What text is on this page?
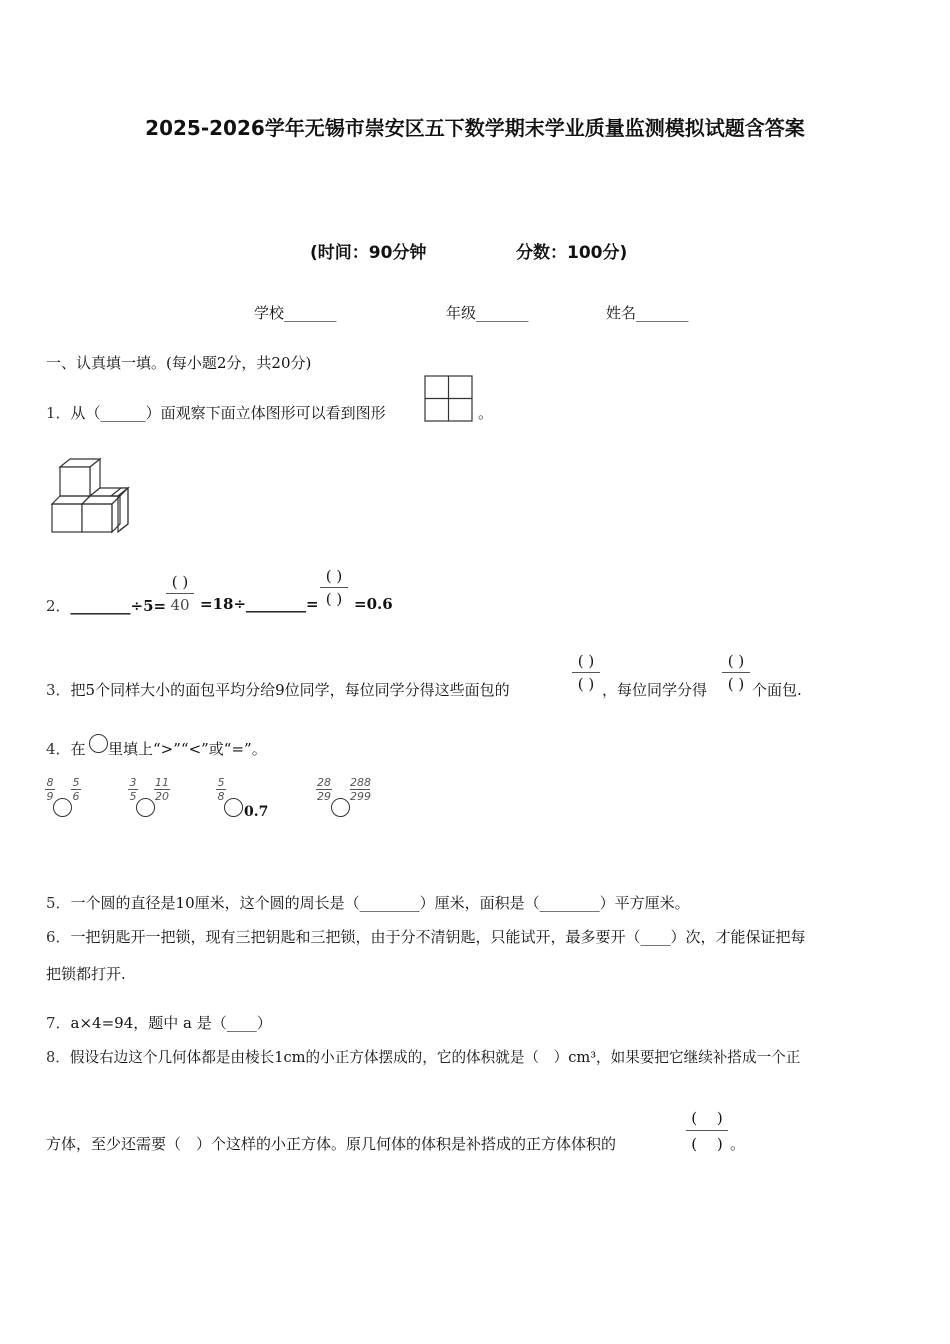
2025-2026学年无锡市崇安区五下数学期末学业质量监测模拟试题含答案
(时间：90分钟	分数：100分)
学校_______	年级_______	姓名_______
一、认真填一填。(每小题2分，共20分)
1．从（______）面观察下面立体图形可以看到图形	。
2．________÷5=
( )
40 =18÷________=
( )
( ) =0.6
3．把5个同样大小的面包平均分给9位同学，每位同学分得这些面包的
( )
( ) ，每位同学分得
( )
( ) 个面包.
4．在 里填上“>”“<”或“=”。
8
9
5
6
3
5
11
20
5
8
0.7
28
29
288
299
5．一个圆的直径是10厘米，这个圆的周长是（________）厘米，面积是（________）平方厘米。
6．一把钥匙开一把锁，现有三把钥匙和三把锁，由于分不清钥匙，只能试开，最多要开（____）次，才能保证把每
把锁都打开.
7．a×4=94，题中 a 是（____）
8．假设右边这个几何体都是由棱长1cm的小正方体摆成的，它的体积就是（　）cm³，如果要把它继续补搭成一个正
方体，至少还需要（　）个这样的小正方体。原几何体的体积是补搭成的正方体体积的
(　 )
(　 ) 。
